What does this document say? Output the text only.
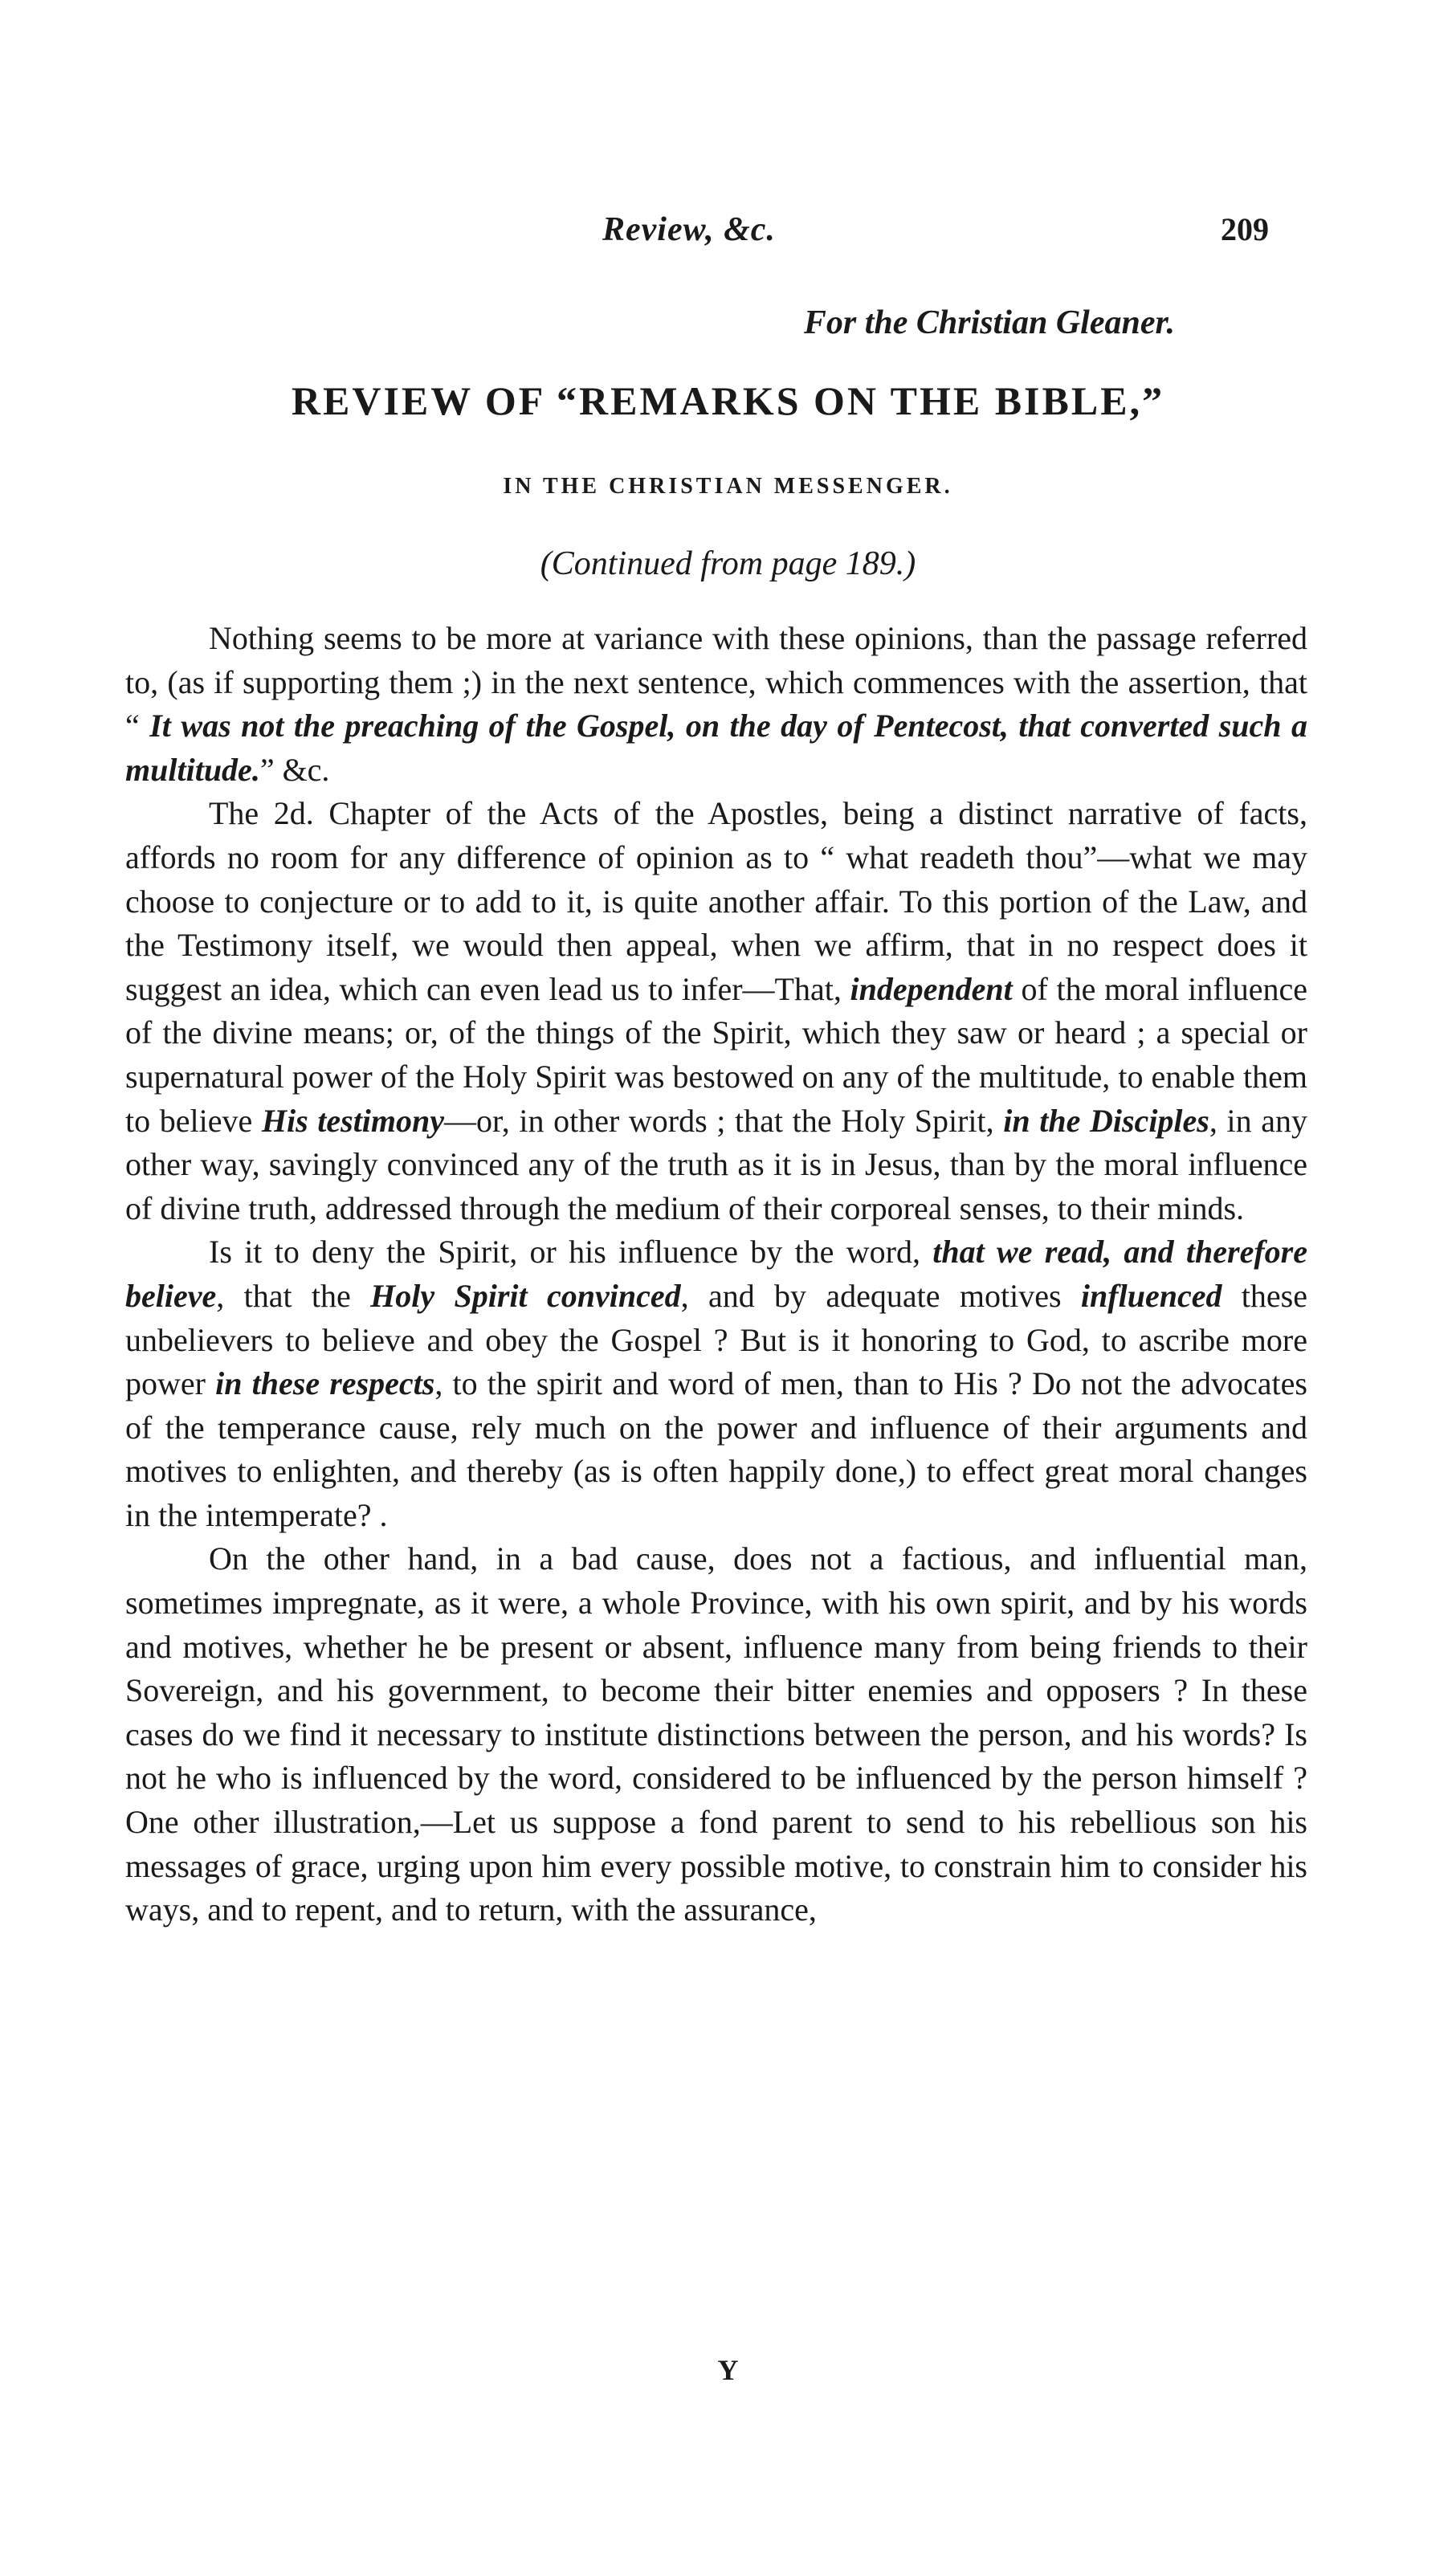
Review, &c.	209
For the Christian Gleaner.
REVIEW OF “REMARKS ON THE BIBLE,”
IN THE CHRISTIAN MESSENGER.
(Continued from page 189.)

Nothing seems to be more at variance with these opinions, than the passage referred to, (as if supporting them ;) in the next sentence, which commences with the assertion, that “ It was not the preaching of the Gospel, on the day of Pentecost, that converted such a multitude.” &c.

The 2d. Chapter of the Acts of the Apostles, being a distinct narrative of facts, affords no room for any difference of opinion as to “ what readeth thou”—what we may choose to conjecture or to add to it, is quite another affair. To this portion of the Law, and the Testimony itself, we would then appeal, when we affirm, that in no respect does it suggest an idea, which can even lead us to infer—That, independent of the moral influence of the divine means; or, of the things of the Spirit, which they saw or heard ; a special or supernatural power of the Holy Spirit was bestowed on any of the multitude, to enable them to believe His testimony—or, in other words ; that the Holy Spirit, in the Disciples, in any other way, savingly convinced any of the truth as it is in Jesus, than by the moral influence of divine truth, addressed through the medium of their corporeal senses, to their minds.

Is it to deny the Spirit, or his influence by the word, that we read, and therefore believe, that the Holy Spirit convinced, and by adequate motives influenced these unbelievers to believe and obey the Gospel ? But is it honoring to God, to ascribe more power in these respects, to the spirit and word of men, than to His ? Do not the advocates of the temperance cause, rely much on the power and influence of their arguments and motives to enlighten, and thereby (as is often happily done,) to effect great moral changes in the intemperate? .

On the other hand, in a bad cause, does not a factious, and influential man, sometimes impregnate, as it were, a whole Province, with his own spirit, and by his words and motives, whether he be present or absent, influence many from being friends to their Sovereign, and his government, to become their bitter enemies and opposers ? In these cases do we find it necessary to institute distinctions between the person, and his words? Is not he who is influenced by the word, considered to be influenced by the person himself ? One other illustration,—Let us suppose a fond parent to send to his rebellious son his messages of grace, urging upon him every possible motive, to constrain him to consider his ways, and to repent, and to return, with the assurance,

Y
